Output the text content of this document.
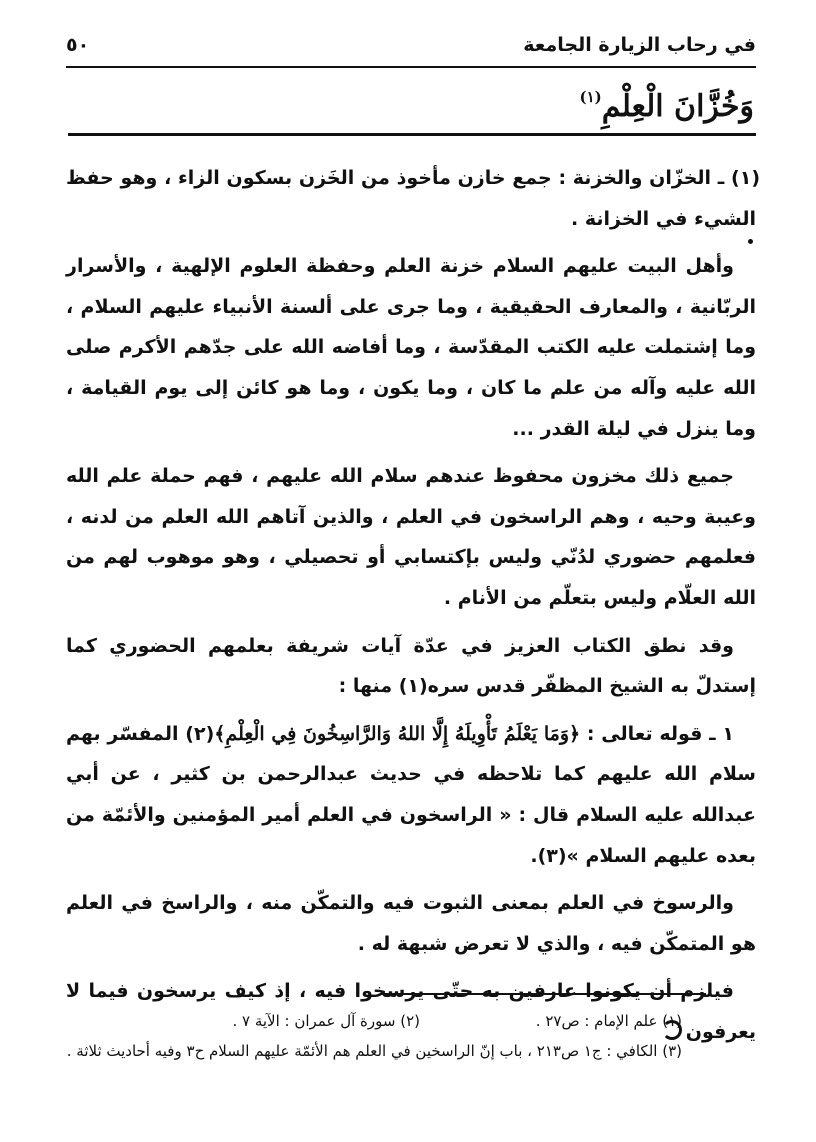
في رحاب الزيارة الجامعة
٥٠
وَخُزَّانَ الْعِلْمِ$^{(١)}$

(١) ـ الخزّان والخزنة : جمع خازن مأخوذ من الخَزن بسكون الزاء ، وهو حفظ الشيء في الخزانة .

وأهل البيت عليهم السلام خزنة العلم وحفظة العلوم الإلهية ، والأسرار الربّانية ، والمعارف الحقيقية ، وما جرى على ألسنة الأنبياء عليهم السلام ، وما إشتملت عليه الكتب المقدّسة ، وما أفاضه الله على جدّهم الأكرم صلى الله عليه وآله من علم ما كان ، وما يكون ، وما هو كائن إلى يوم القيامة ، وما ينزل في ليلة القدر ...

جميع ذلك مخزون محفوظ عندهم سلام الله عليهم ، فهم حملة علم الله وعيبة وحيه ، وهم الراسخون في العلم ، والذين آتاهم الله العلم من لدنه ، فعلمهم حضوري لدُنّي وليس بإكتسابي أو تحصيلي ، وهو موهوب لهم من الله العلّام وليس بتعلّم من الأنام .

وقد نطق الكتاب العزيز في عدّة آيات شريفة بعلمهم الحضوري كما إستدلّ به الشيخ المظفّر قدس سره(١) منها :

١ ـ قوله تعالى : ﴿وَمَا يَعْلَمُ تَأْوِيلَهُ إِلَّا اللهُ وَالرَّاسِخُونَ فِي الْعِلْمِ﴾(٢) المفسّر بهم سلام الله عليهم كما تلاحظه في حديث عبدالرحمن بن كثير ، عن أبي عبدالله عليه السلام قال : « الراسخون في العلم أمير المؤمنين والأئمّة من بعده عليهم السلام »(٣).

والرسوخ في العلم بمعنى الثبوت فيه والتمكّن منه ، والراسخ في العلم هو المتمكّن فيه ، والذي لا تعرض شبهة له .

فيلزم أن يكونوا عارفين به حتّى يرسخوا فيه ، إذ كيف يرسخون فيما لا يعرفون

(١) علم الإمام : ص٢٧ .
(٢) سورة آل عمران : الآية ٧ .
(٣) الكافي : ج١ ص٢١٣ ، باب إنّ الراسخين في العلم هم الأئمّة عليهم السلام ح٣ وفيه أحاديث ثلاثة .
